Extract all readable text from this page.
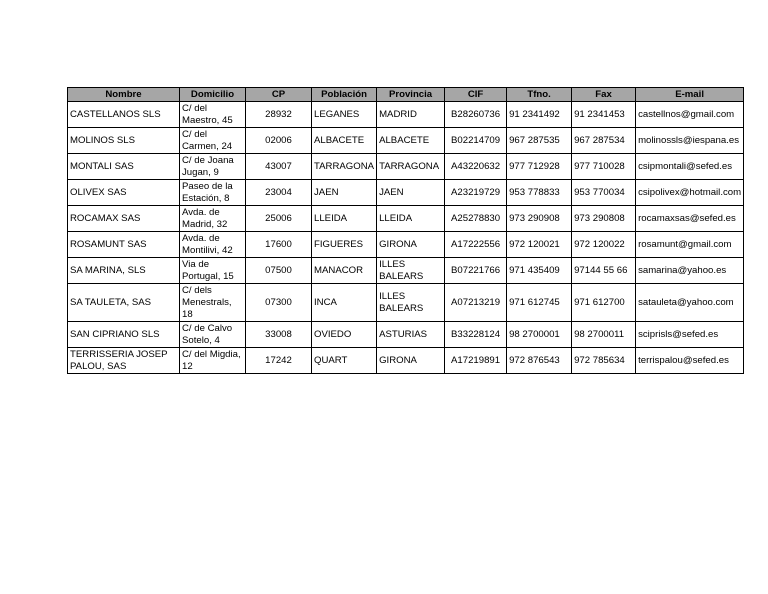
Nombre	Domicilio	CP	Población	Provincia	CIF	Tfno.	Fax	E-mail
CASTELLANOS SLS	C/ del Maestro, 45	28932	LEGANES	MADRID	B28260736	91 2341492	91 2341453	castellnos@gmail.com
MOLINOS SLS	C/ del Carmen, 24	02006	ALBACETE	ALBACETE	B02214709	967 287535	967 287534	molinossls@iespana.es
MONTALI SAS	C/ de Joana Jugan, 9	43007	TARRAGONA	TARRAGONA	A43220632	977 712928	977 710028	csipmontali@sefed.es
OLIVEX SAS	Paseo de la Estación, 8	23004	JAEN	JAEN	A23219729	953 778833	953 770034	csipolivex@hotmail.com
ROCAMAX SAS	Avda. de Madrid, 32	25006	LLEIDA	LLEIDA	A25278830	973 290908	973 290808	rocamaxsas@sefed.es
ROSAMUNT SAS	Avda. de Montilivi, 42	17600	FIGUERES	GIRONA	A17222556	972 120021	972 120022	rosamunt@gmail.com
SA MARINA, SLS	Via de Portugal, 15	07500	MANACOR	ILLES BALEARS	B07221766	971 435409	97144 55 66	samarina@yahoo.es
SA TAULETA, SAS	C/ dels Menestrals, 18	07300	INCA	ILLES BALEARS	A07213219	971 612745	971 612700	satauleta@yahoo.com
SAN CIPRIANO SLS	C/ de Calvo Sotelo, 4	33008	OVIEDO	ASTURIAS	B33228124	98 2700001	98 2700011	sciprisls@sefed.es
TERRISSERIA JOSEP PALOU, SAS	C/ del Migdia, 12	17242	QUART	GIRONA	A17219891	972 876543	972 785634	terrispalou@sefed.es
